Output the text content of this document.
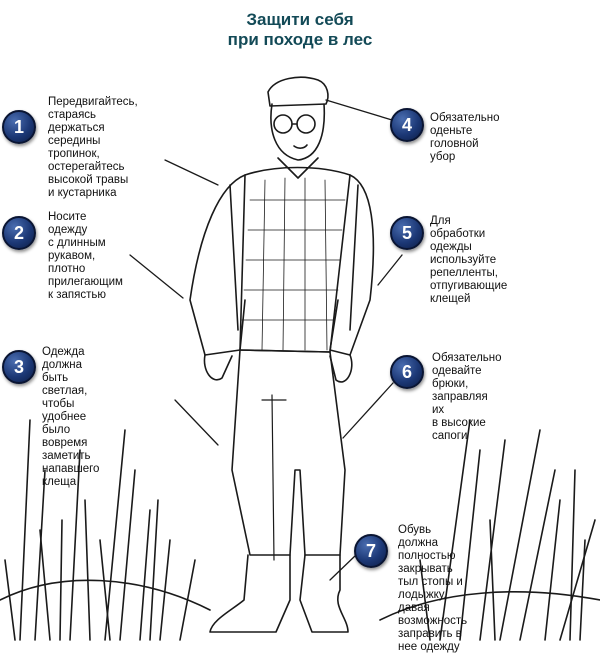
Защити себя
при походе в лес
1
Передвигайтесь,
стараясь держаться
середины тропинок,
остерегайтесь высокой травы
и кустарника
2
Носите одежду
с длинным рукавом,
плотно прилегающим
к запястью
3
Одежда должна быть
светлая, чтобы удобнее
было вовремя заметить
напавшего клеща
4	Обязательно оденьте
головной убор
5
Для обработки одежды
используйте репелленты,
отпугивающие клещей
6
Обязательно одевайте
брюки, заправляя их
в высокие сапоги
7
Обувь должна полностью
закрывать тыл стопы и
лодыжку, давая возможность
заправить в нее одежду
